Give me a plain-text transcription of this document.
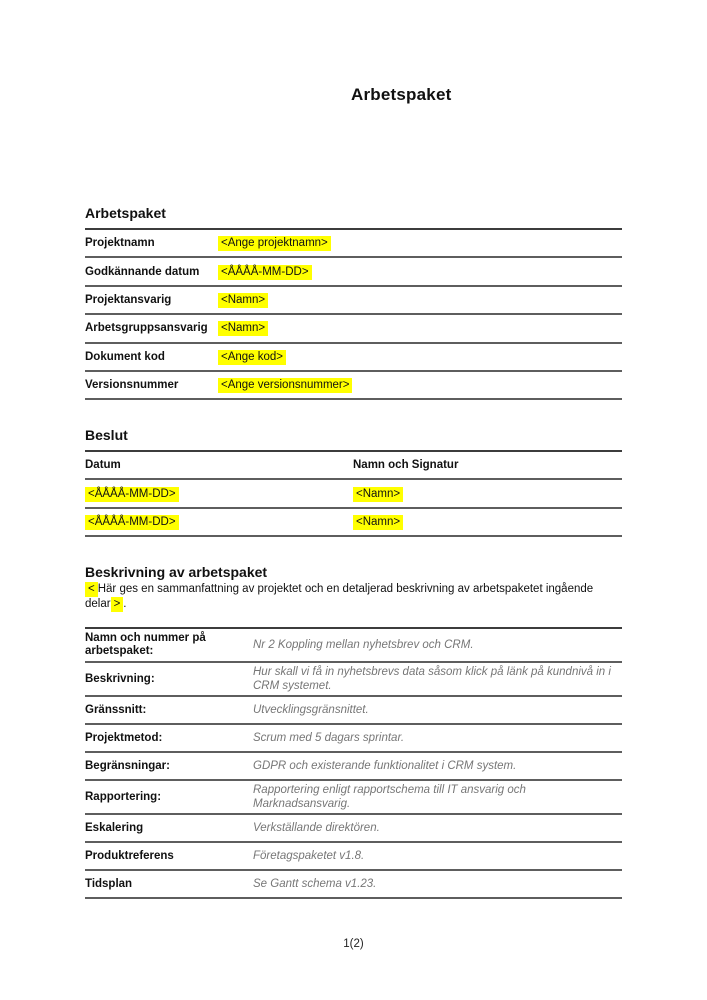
Arbetspaket
Arbetspaket
Projektnamn	<Ange projektnamn>
Godkännande datum	<ÅÅÅÅ-MM-DD>
Projektansvarig	<Namn>
Arbetsgruppsansvarig	<Namn>
Dokument kod	<Ange kod>
Versionsnummer	<Ange versionsnummer>
Beslut
Datum	Namn och Signatur
<ÅÅÅÅ-MM-DD>	<Namn>
<ÅÅÅÅ-MM-DD>	<Namn>
Beskrivning av arbetspaket

< Här ges en sammanfattning av projektet och en detaljerad beskrivning av arbetspaketet ingående delar > .

Namn och nummer på arbetspaket:	Nr 2 Koppling mellan nyhetsbrev och CRM.
Beskrivning:
Hur skall vi få in nyhetsbrevs data såsom klick på länk på kundnivå in i CRM systemet.
Gränssnitt:	Utvecklingsgränsnittet.
Projektmetod:	Scrum med 5 dagars sprintar.
Begränsningar:	GDPR och existerande funktionalitet i CRM system.
Rapportering:
Rapportering enligt rapportschema till IT ansvarig och Marknadsansvarig.
Eskalering	Verkställande direktören.
Produktreferens	Företagspaketet v1.8.
Tidsplan	Se Gantt schema v1.23.
1(2)
